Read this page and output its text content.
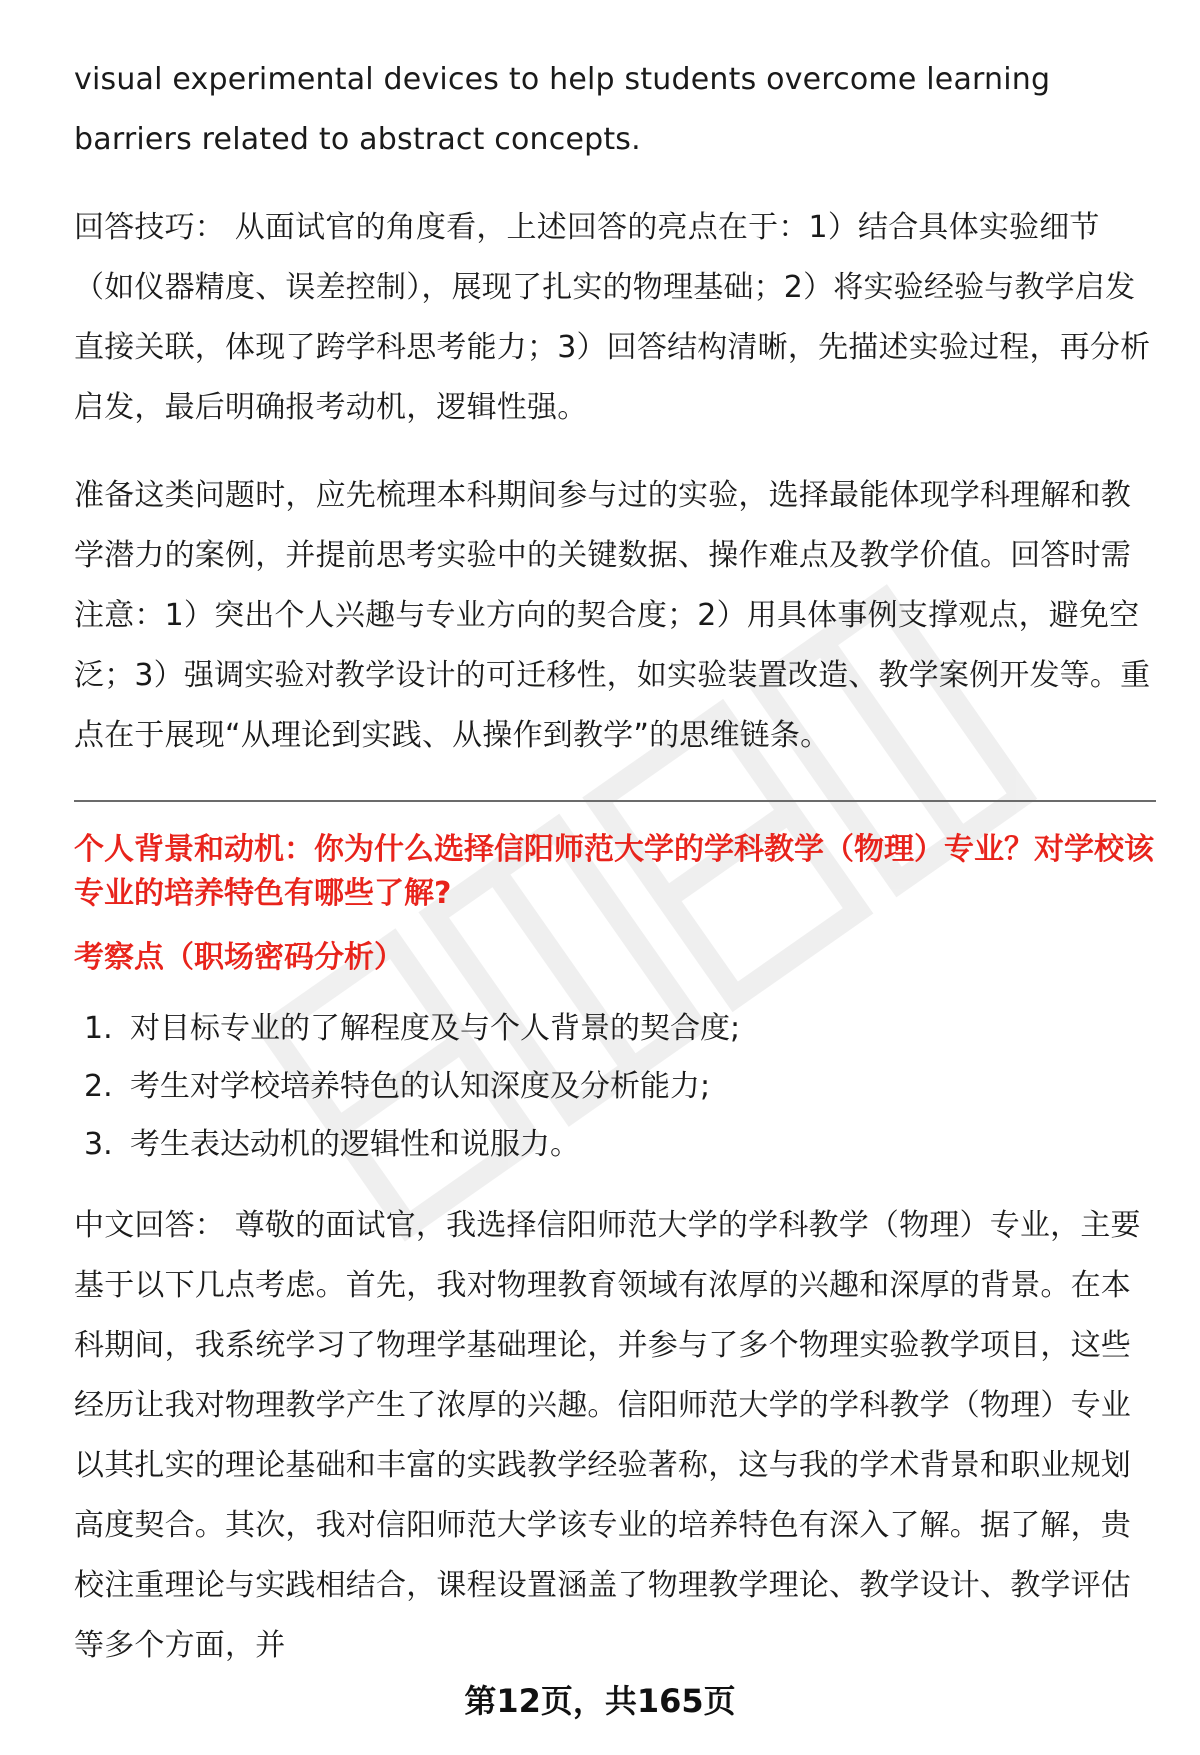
visual experimental devices to help students overcome learning barriers related to abstract concepts.

回答技巧： 从面试官的角度看，上述回答的亮点在于：1）结合具体实验细节（如仪器精度、误差控制），展现了扎实的物理基础；2）将实验经验与教学启发直接关联，体现了跨学科思考能力；3）回答结构清晰，先描述实验过程，再分析启发，最后明确报考动机，逻辑性强。

准备这类问题时，应先梳理本科期间参与过的实验，选择最能体现学科理解和教学潜力的案例，并提前思考实验中的关键数据、操作难点及教学价值。回答时需注意：1）突出个人兴趣与专业方向的契合度；2）用具体事例支撑观点，避免空泛；3）强调实验对教学设计的可迁移性，如实验装置改造、教学案例开发等。重点在于展现“从理论到实践、从操作到教学”的思维链条。

个人背景和动机：你为什么选择信阳师范大学的学科教学（物理）专业？对学校该专业的培养特色有哪些了解?
考察点（职场密码分析）
1. 对目标专业的了解程度及与个人背景的契合度;
2. 考生对学校培养特色的认知深度及分析能力;
3. 考生表达动机的逻辑性和说服力。

中文回答： 尊敬的面试官，我选择信阳师范大学的学科教学（物理）专业，主要基于以下几点考虑。首先，我对物理教育领域有浓厚的兴趣和深厚的背景。在本科期间，我系统学习了物理学基础理论，并参与了多个物理实验教学项目，这些经历让我对物理教学产生了浓厚的兴趣。信阳师范大学的学科教学（物理）专业以其扎实的理论基础和丰富的实践教学经验著称，这与我的学术背景和职业规划高度契合。其次，我对信阳师范大学该专业的培养特色有深入了解。据了解，贵校注重理论与实践相结合，课程设置涵盖了物理教学理论、教学设计、教学评估等多个方面，并

第12页，共165页
